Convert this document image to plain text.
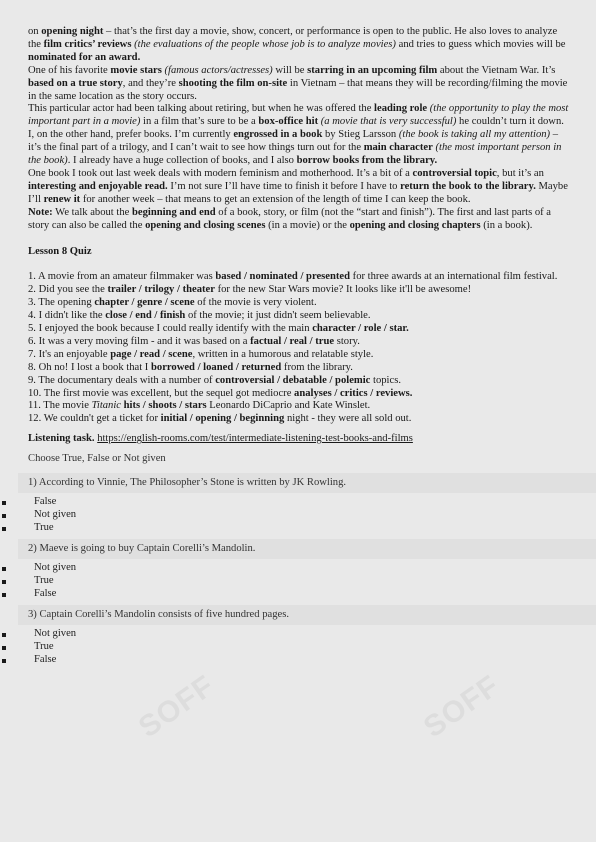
on opening night – that’s the first day a movie, show, concert, or performance is open to the public. He also loves to analyze the film critics’ reviews (the evaluations of the people whose job is to analyze movies) and tries to guess which movies will be nominated for an award.

One of his favorite movie stars (famous actors/actresses) will be starring in an upcoming film about the Vietnam War. It’s based on a true story, and they’re shooting the film on-site in Vietnam – that means they will be recording/filming the movie in the same location as the story occurs.

This particular actor had been talking about retiring, but when he was offered the leading role (the opportunity to play the most important part in a movie) in a film that’s sure to be a box-office hit (a movie that is very successful) he couldn’t turn it down.

I, on the other hand, prefer books. I’m currently engrossed in a book by Stieg Larsson (the book is taking all my attention) – it’s the final part of a trilogy, and I can’t wait to see how things turn out for the main character (the most important person in the book). I already have a huge collection of books, and I also borrow books from the library.

One book I took out last week deals with modern feminism and motherhood. It’s a bit of a controversial topic, but it’s an interesting and enjoyable read. I’m not sure I’ll have time to finish it before I have to return the book to the library. Maybe I’ll renew it for another week – that means to get an extension of the length of time I can keep the book.

Note: We talk about the beginning and end of a book, story, or film (not the “start and finish”). The first and last parts of a story can also be called the opening and closing scenes (in a movie) or the opening and closing chapters (in a book).

Lesson 8 Quiz

1. A movie from an amateur filmmaker was based / nominated / presented for three awards at an international film festival.

2. Did you see the trailer / trilogy / theater for the new Star Wars movie? It looks like it'll be awesome!

3. The opening chapter / genre / scene of the movie is very violent.

4. I didn't like the close / end / finish of the movie; it just didn't seem believable.

5. I enjoyed the book because I could really identify with the main character / role / star.

6. It was a very moving film - and it was based on a factual / real / true story.

7. It's an enjoyable page / read / scene, written in a humorous and relatable style.

8. Oh no! I lost a book that I borrowed / loaned / returned from the library.

9. The documentary deals with a number of controversial / debatable / polemic topics.

10. The first movie was excellent, but the sequel got mediocre analyses / critics / reviews.

11. The movie Titanic hits / shoots / stars Leonardo DiCaprio and Kate Winslet.

12. We couldn't get a ticket for initial / opening / beginning night - they were all sold out.

Listening task. https://english-rooms.com/test/intermediate-listening-test-books-and-films

Choose True, False or Not given

1) According to Vinnie, The Philosopher’s Stone is written by JK Rowling.
False
Not given
True
2) Maeve is going to buy Captain Corelli’s Mandolin.
Not given
True
False
3) Captain Corelli’s Mandolin consists of five hundred pages.
Not given
True
False
SOFF	SOFF
